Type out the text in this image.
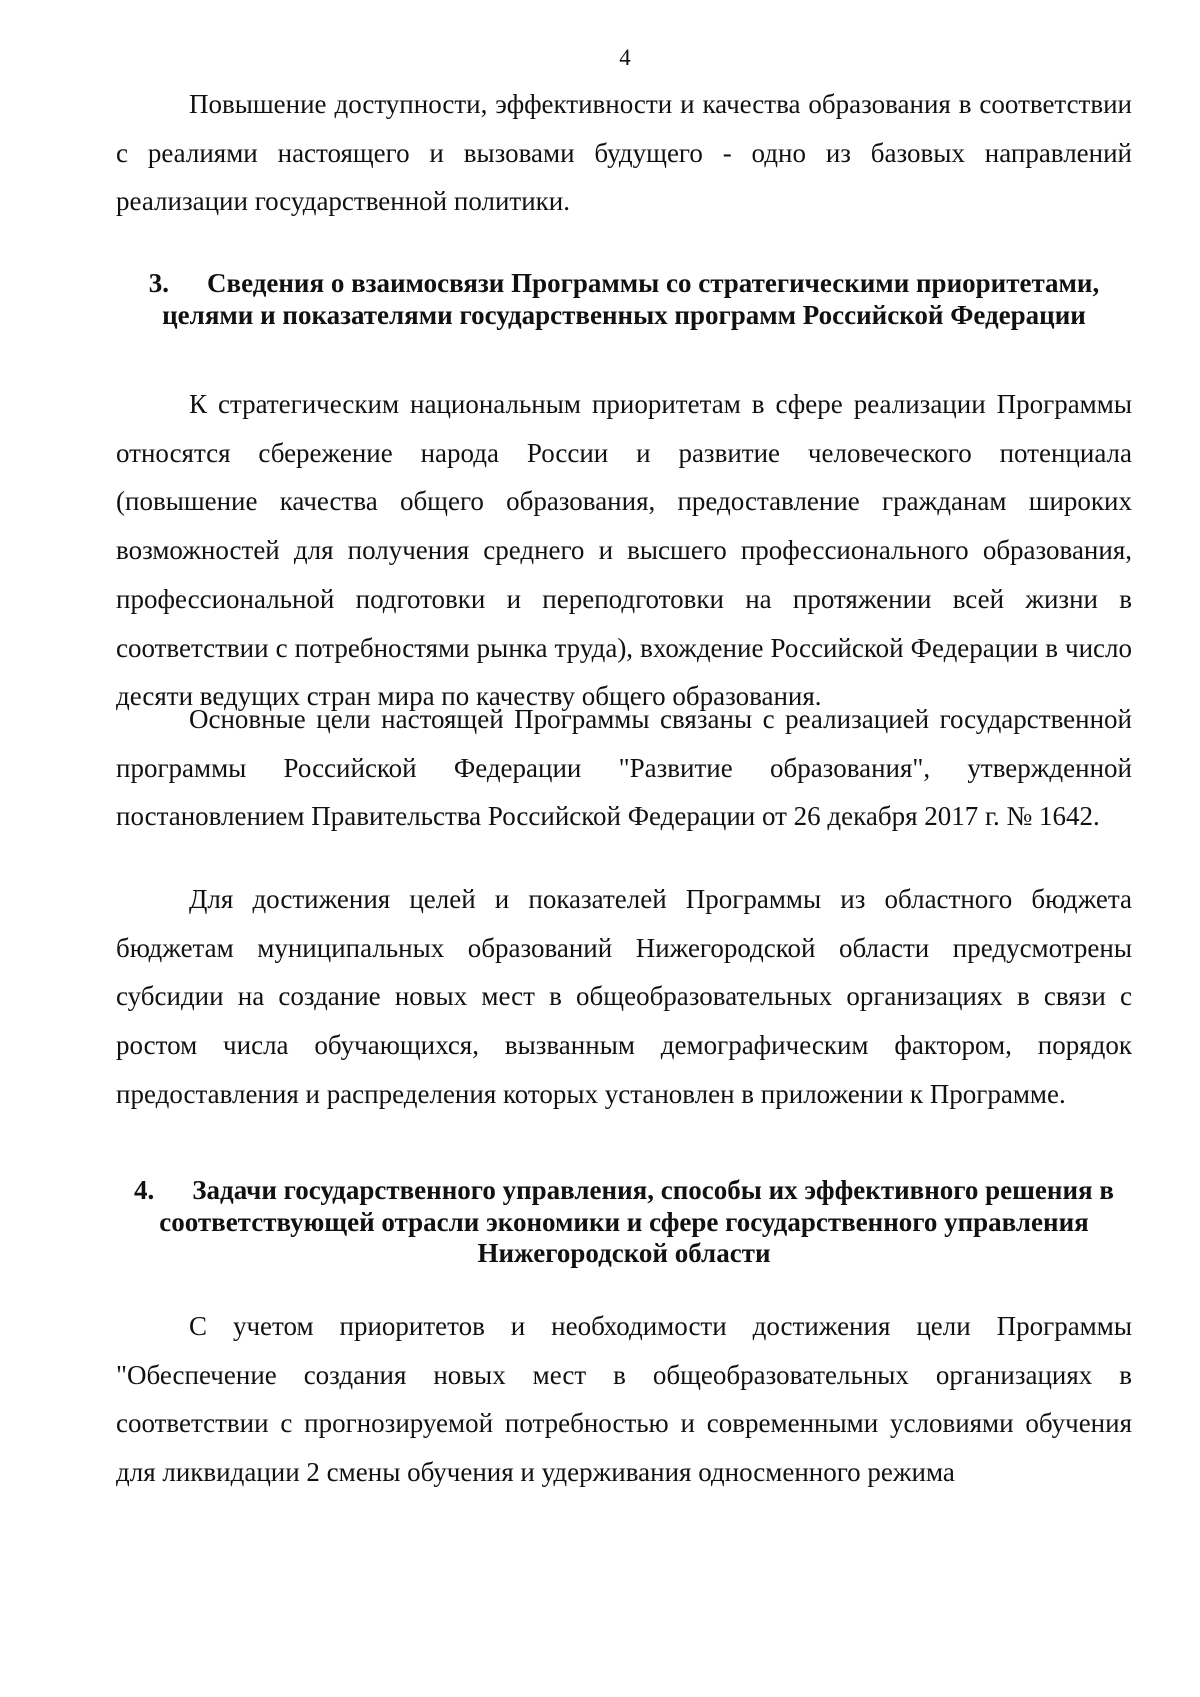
4
Повышение доступности, эффективности и качества образования в соответствии с реалиями настоящего и вызовами будущего - одно из базовых направлений реализации государственной политики.
3. Сведения о взаимосвязи Программы со стратегическими приоритетами, целями и показателями государственных программ Российской Федерации
К стратегическим национальным приоритетам в сфере реализации Программы относятся сбережение народа России и развитие человеческого потенциала (повышение качества общего образования, предоставление гражданам широких возможностей для получения среднего и высшего профессионального образования, профессиональной подготовки и переподготовки на протяжении всей жизни в соответствии с потребностями рынка труда), вхождение Российской Федерации в число десяти ведущих стран мира по качеству общего образования.
Основные цели настоящей Программы связаны с реализацией государственной программы Российской Федерации "Развитие образования", утвержденной постановлением Правительства Российской Федерации от 26 декабря 2017 г. № 1642.
Для достижения целей и показателей Программы из областного бюджета бюджетам муниципальных образований Нижегородской области предусмотрены субсидии на создание новых мест в общеобразовательных организациях в связи с ростом числа обучающихся, вызванным демографическим фактором, порядок предоставления и распределения которых установлен в приложении к Программе.
4. Задачи государственного управления, способы их эффективного решения в соответствующей отрасли экономики и сфере государственного управления Нижегородской области
С учетом приоритетов и необходимости достижения цели Программы "Обеспечение создания новых мест в общеобразовательных организациях в соответствии с прогнозируемой потребностью и современными условиями обучения для ликвидации 2 смены обучения и удерживания односменного режима
